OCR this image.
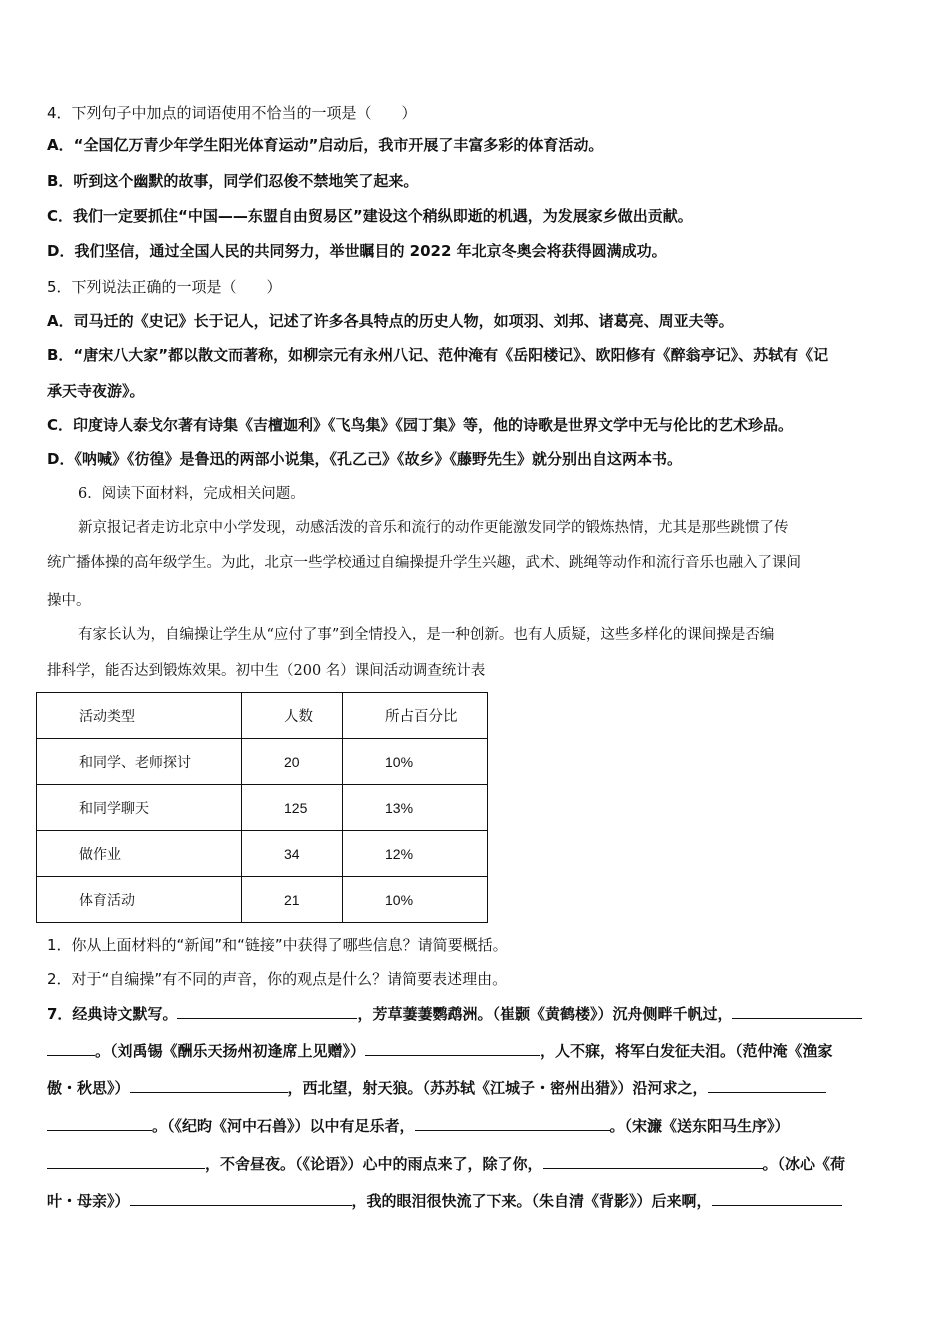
4．下列句子中加点的词语使用不恰当的一项是（　　）
A．“全国亿万青少年学生阳光体育运动”启动后，我市开展了丰富多彩的体育活动。
B．听到这个幽默的故事，同学们忍俊不禁地笑了起来。
C．我们一定要抓住“中国——东盟自由贸易区”建设这个稍纵即逝的机遇，为发展家乡做出贡献。
D．我们坚信，通过全国人民的共同努力，举世瞩目的 2022 年北京冬奥会将获得圆满成功。
5．下列说法正确的一项是（　　）
A．司马迁的《史记》长于记人，记述了许多各具特点的历史人物，如项羽、刘邦、诸葛亮、周亚夫等。
B．“唐宋八大家”都以散文而著称，如柳宗元有永州八记、范仲淹有《岳阳楼记》、欧阳修有《醉翁亭记》、苏轼有《记
承天寺夜游》。
C．印度诗人泰戈尔著有诗集《吉檀迦利》《飞鸟集》《园丁集》等，他的诗歌是世界文学中无与伦比的艺术珍品。
D．《呐喊》《彷徨》是鲁迅的两部小说集，《孔乙己》《故乡》《藤野先生》就分别出自这两本书。
6．阅读下面材料，完成相关问题。
新京报记者走访北京中小学发现，动感活泼的音乐和流行的动作更能激发同学的锻炼热情，尤其是那些跳惯了传
统广播体操的高年级学生。为此，北京一些学校通过自编操提升学生兴趣，武术、跳绳等动作和流行音乐也融入了课间
操中。
有家长认为，自编操让学生从“应付了事”到全情投入，是一种创新。也有人质疑，这些多样化的课间操是否编
排科学，能否达到锻炼效果。初中生（200 名）课间活动调查统计表
活动类型	人数	所占百分比
和同学、老师探讨	20	10%
和同学聊天	125	13%
做作业	34	12%
体育活动	21	10%
1．你从上面材料的“新闻”和“链接”中获得了哪些信息？请简要概括。
2．对于“自编操”有不同的声音，你的观点是什么？请简要表述理由。
7．经典诗文默写。	，芳草萋萋鹦鹉洲。（崔颢《黄鹤楼》）沉舟侧畔千帆过，
。（刘禹锡《酬乐天扬州初逢席上见赠》）	，人不寐，将军白发征夫泪。（范仲淹《渔家
傲・秋思》）	，西北望，射天狼。（苏苏轼《江城子・密州出猎》）沿河求之，
。（《纪昀《河中石兽》）以中有足乐者，	。（宋濂《送东阳马生序》）
，不舍昼夜。（《论语》）心中的雨点来了，除了你，	。（冰心《荷
叶・母亲》）	，我的眼泪很快流了下来。（朱自清《背影》）后来啊，
